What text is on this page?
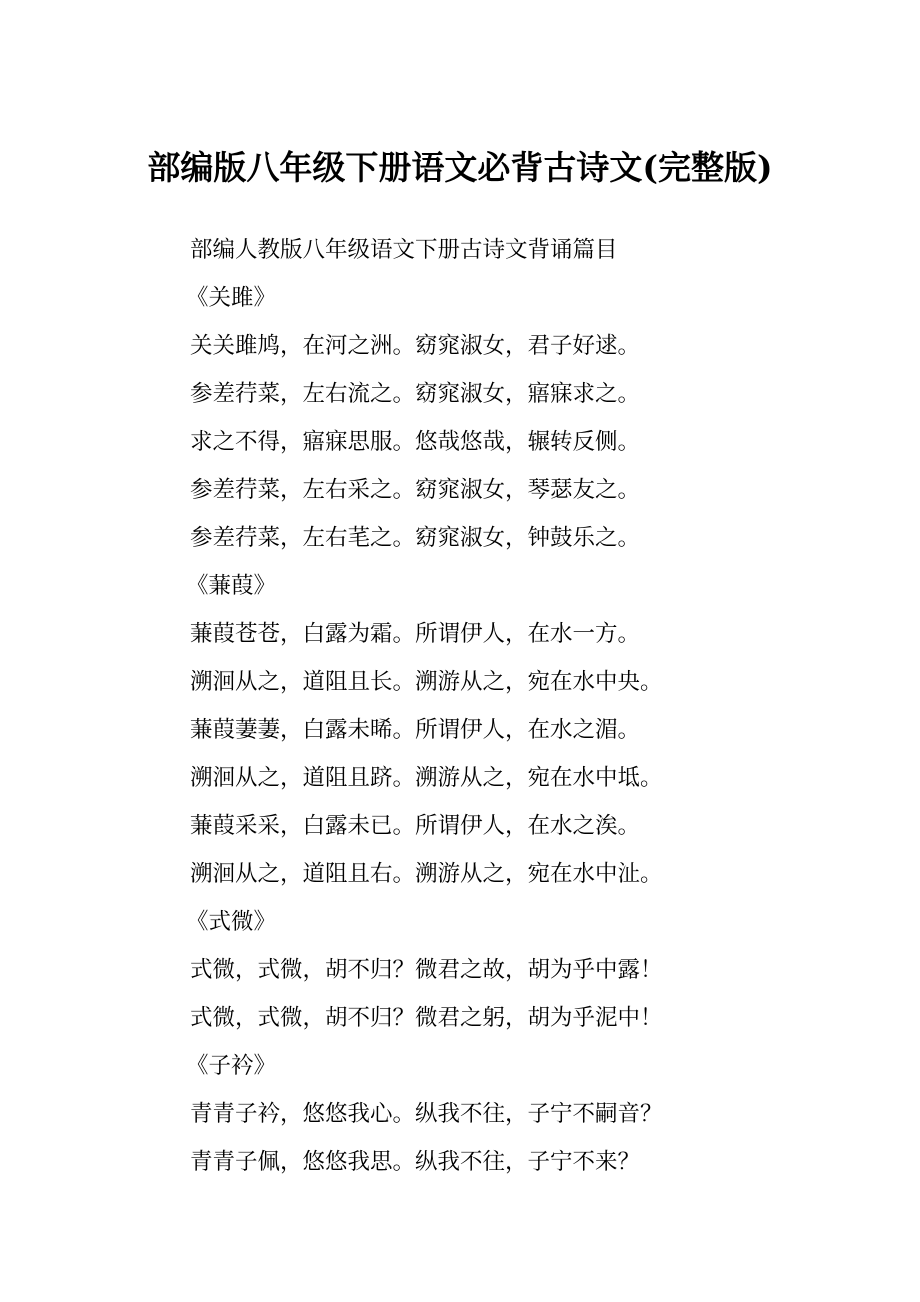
部编版八年级下册语文必背古诗文(完整版)
部编人教版八年级语文下册古诗文背诵篇目
《关雎》
关关雎鸠，在河之洲。窈窕淑女，君子好逑。
参差荇菜，左右流之。窈窕淑女，寤寐求之。
求之不得，寤寐思服。悠哉悠哉，辗转反侧。
参差荇菜，左右采之。窈窕淑女，琴瑟友之。
参差荇菜，左右芼之。窈窕淑女，钟鼓乐之。
《蒹葭》
蒹葭苍苍，白露为霜。所谓伊人，在水一方。
溯洄从之，道阻且长。溯游从之，宛在水中央。
蒹葭萋萋，白露未晞。所谓伊人，在水之湄。
溯洄从之，道阻且跻。溯游从之，宛在水中坻。
蒹葭采采，白露未已。所谓伊人，在水之涘。
溯洄从之，道阻且右。溯游从之，宛在水中沚。
《式微》
式微，式微，胡不归？微君之故，胡为乎中露！
式微，式微，胡不归？微君之躬，胡为乎泥中！
《子衿》
青青子衿，悠悠我心。纵我不往，子宁不嗣音？
青青子佩，悠悠我思。纵我不往，子宁不来？
